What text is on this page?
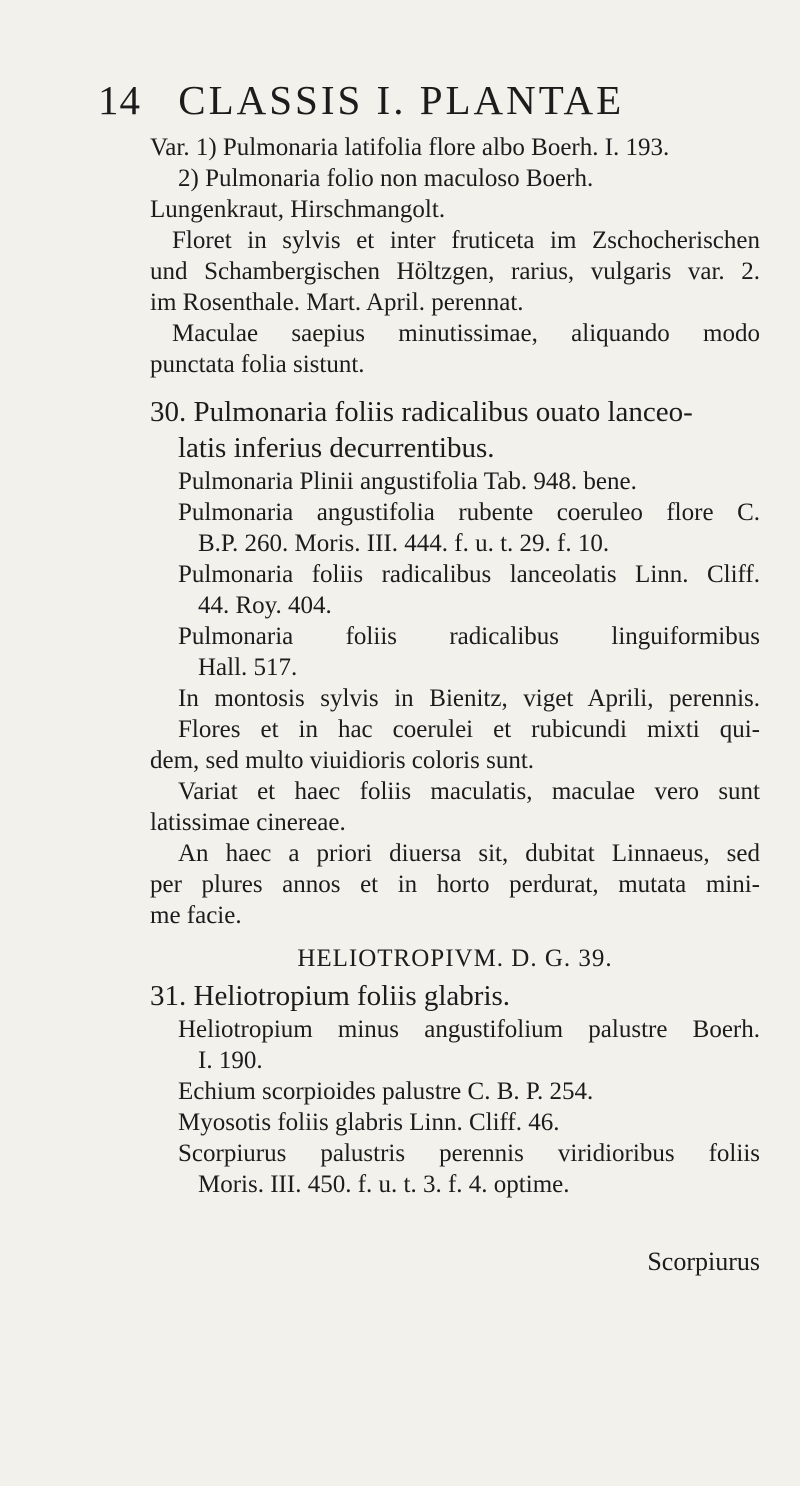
14 CLASSIS I. PLANTAE
Var. 1) Pulmonaria latifolia flore albo Boerh. I. 193.
2) Pulmonaria folio non maculoso Boerh.
Lungenkraut, Hirschmangolt.
Floret in sylvis et inter fruticeta im Zschocherischen
und Schambergischen Höltzgen, rarius, vulgaris var. 2.
im Rosenthale. Mart. April. perennat.
Maculae saepius minutissimae, aliquando modo
punctata folia sistunt.
30. Pulmonaria foliis radicalibus ouato lanceo-
latis inferius decurrentibus.
Pulmonaria Plinii angustifolia Tab. 948. bene.
Pulmonaria angustifolia rubente coeruleo flore C.
B.P. 260. Moris. III. 444. f. u. t. 29. f. 10.
Pulmonaria foliis radicalibus lanceolatis Linn. Cliff.
44. Roy. 404.
Pulmonaria foliis radicalibus linguiformibus
Hall. 517.
In montosis sylvis in Bienitz, viget Aprili, perennis.
Flores et in hac coerulei et rubicundi mixti qui-
dem, sed multo viuidioris coloris sunt.
Variat et haec foliis maculatis, maculae vero sunt
latissimae cinereae.
An haec a priori diuersa sit, dubitat Linnaeus, sed
per plures annos et in horto perdurat, mutata mini-
me facie.
HELIOTROPIVM. D. G. 39.
31. Heliotropium foliis glabris.
Heliotropium minus angustifolium palustre Boerh.
I. 190.
Echium scorpioides palustre C. B. P. 254.
Myosotis foliis glabris Linn. Cliff. 46.
Scorpiurus palustris perennis viridioribus foliis
Moris. III. 450. f. u. t. 3. f. 4. optime.
Scorpiurus
